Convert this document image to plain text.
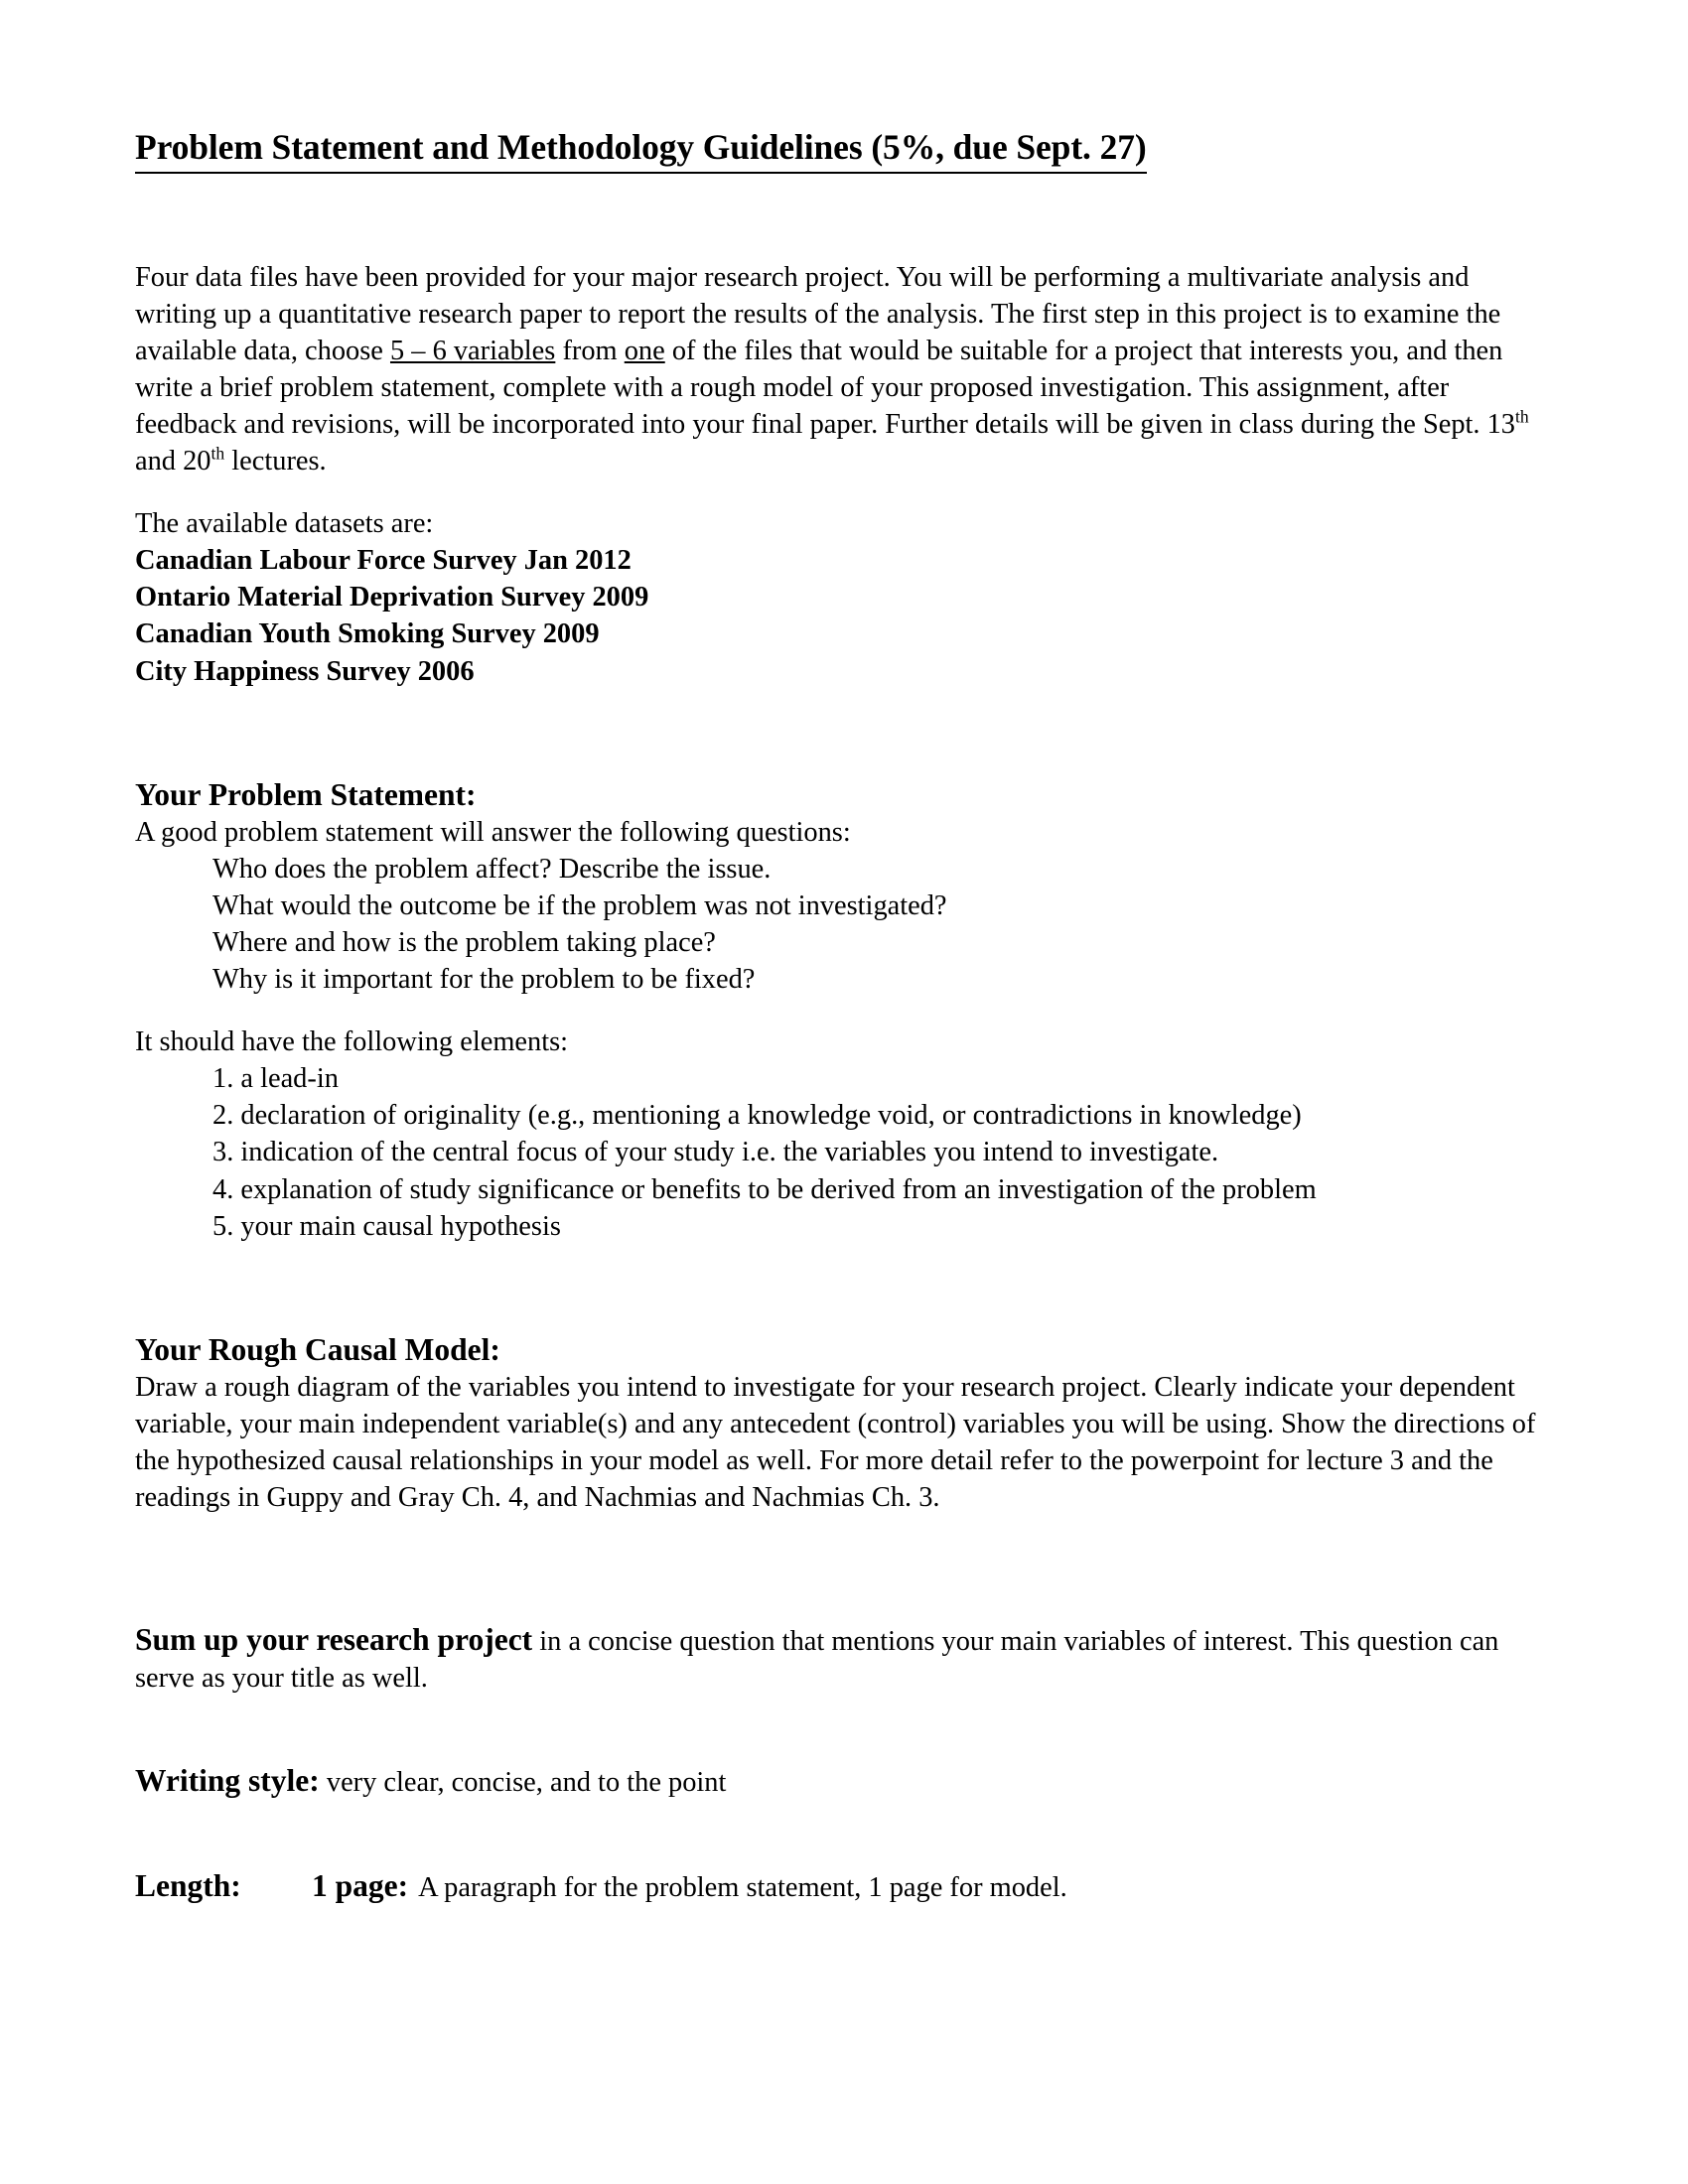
Problem Statement and Methodology Guidelines (5%, due Sept. 27)

Four data files have been provided for your major research project. You will be performing a multivariate analysis and writing up a quantitative research paper to report the results of the analysis. The first step in this project is to examine the available data, choose 5 – 6 variables from one of the files that would be suitable for a project that interests you, and then write a brief problem statement, complete with a rough model of your proposed investigation. This assignment, after feedback and revisions, will be incorporated into your final paper. Further details will be given in class during the Sept. 13th and 20th lectures.

The available datasets are:

Canadian Labour Force Survey Jan 2012

Ontario Material Deprivation Survey 2009

Canadian Youth Smoking Survey 2009

City Happiness Survey 2006

Your Problem Statement:

A good problem statement will answer the following questions:

Who does the problem affect? Describe the issue.

What would the outcome be if the problem was not investigated?

Where and how is the problem taking place?

Why is it important for the problem to be fixed?

It should have the following elements:

1. a lead-in

2. declaration of originality (e.g., mentioning a knowledge void, or contradictions in knowledge)

3. indication of the central focus of your study i.e. the variables you intend to investigate.

4. explanation of study significance or benefits to be derived from an investigation of the problem

5. your main causal hypothesis

Your Rough Causal Model:

Draw a rough diagram of the variables you intend to investigate for your research project. Clearly indicate your dependent variable, your main independent variable(s) and any antecedent (control) variables you will be using. Show the directions of the hypothesized causal relationships in your model as well. For more detail refer to the powerpoint for lecture 3 and the readings in Guppy and Gray Ch. 4, and Nachmias and Nachmias Ch. 3.

Sum up your research project in a concise question that mentions your main variables of interest. This question can serve as your title as well.

Writing style: very clear, concise, and to the point

Length:	1 page: A paragraph for the problem statement, 1 page for model.
